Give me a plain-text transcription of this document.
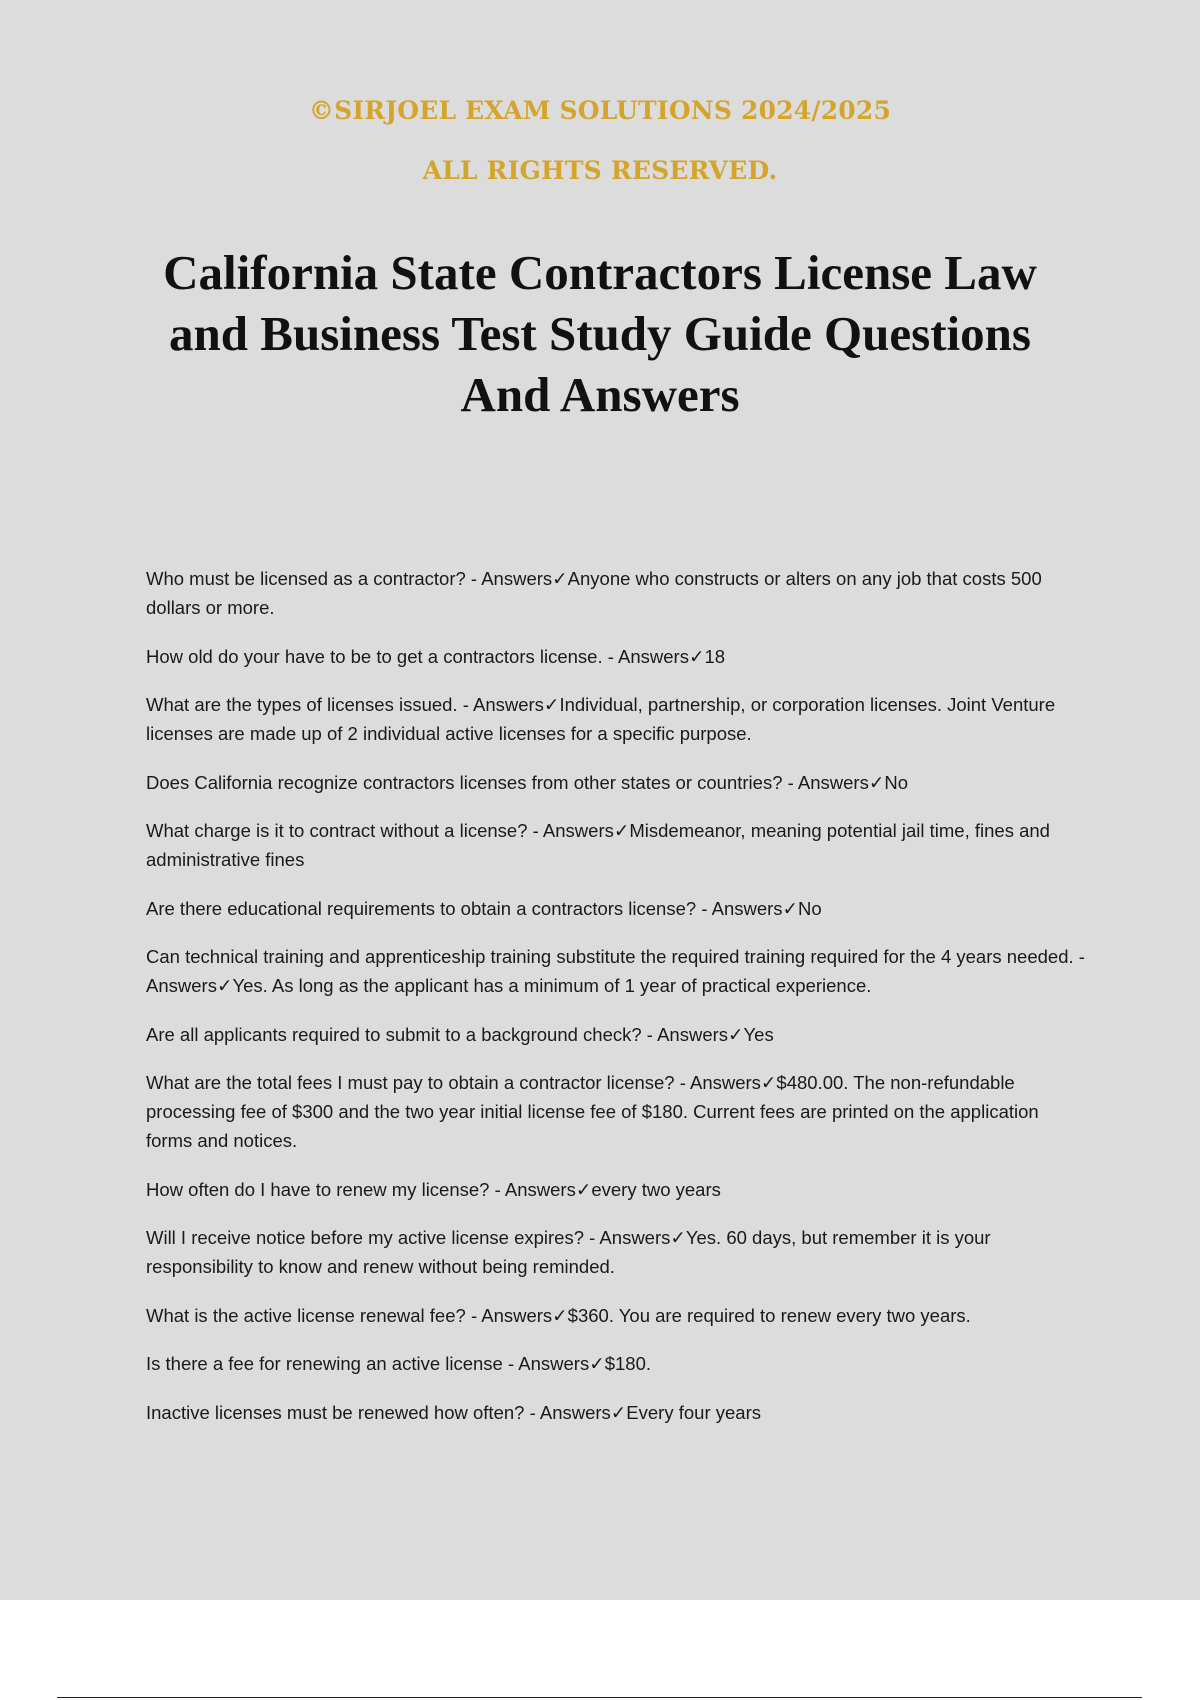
©SIRJOEL EXAM SOLUTIONS 2024/2025
ALL RIGHTS RESERVED.
California State Contractors License Law and Business Test Study Guide Questions And Answers
Who must be licensed as a contractor? - Answers✓Anyone who constructs or alters on any job that costs 500 dollars or more.
How old do your have to be to get a contractors license. - Answers✓18
What are the types of licenses issued. - Answers✓Individual, partnership, or corporation licenses. Joint Venture licenses are made up of 2 individual active licenses for a specific purpose.
Does California recognize contractors licenses from other states or countries? - Answers✓No
What charge is it to contract without a license? - Answers✓Misdemeanor, meaning potential jail time, fines and administrative fines
Are there educational requirements to obtain a contractors license? - Answers✓No
Can technical training and apprenticeship training substitute the required training required for the 4 years needed. - Answers✓Yes. As long as the applicant has a minimum of 1 year of practical experience.
Are all applicants required to submit to a background check? - Answers✓Yes
What are the total fees I must pay to obtain a contractor license? - Answers✓$480.00. The non-refundable processing fee of $300 and the two year initial license fee of $180. Current fees are printed on the application forms and notices.
How often do I have to renew my license? - Answers✓every two years
Will I receive notice before my active license expires? - Answers✓Yes. 60 days, but remember it is your responsibility to know and renew without being reminded.
What is the active license renewal fee? - Answers✓$360. You are required to renew every two years.
Is there a fee for renewing an active license - Answers✓$180.
Inactive licenses must be renewed how often? - Answers✓Every four years
